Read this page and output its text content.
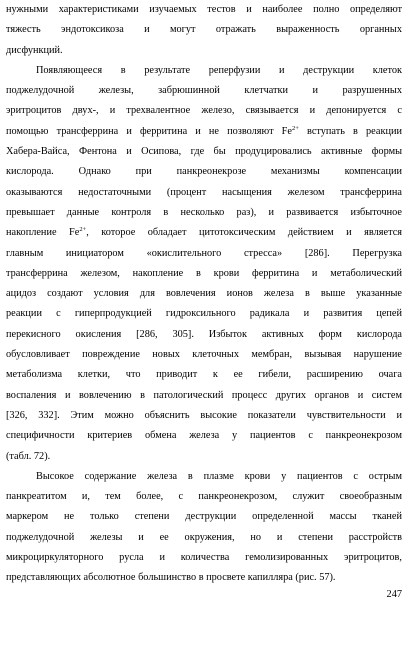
нужными характеристиками изучаемых тестов и наиболее полно определяют
тяжесть эндотоксикоза и могут отражать выраженность органных
дисфункций.
Появляющееся в результате реперфузии и деструкции клеток
поджелудочной железы, забрюшинной клетчатки и разрушенных
эритроцитов двух-, и трехвалентное железо, связывается и депонируется с
помощью трансферрина и ферритина и не позволяют $Fe^{2+}$ вступать в реакции
Хабера-Вайса, Фентона и Осипова, где бы продуцировались активные формы
кислорода. Однако при панкреонекрозе механизмы компенсации
оказываются недостаточными (процент насыщения железом трансферрина
превышает данные контроля в несколько раз), и развивается избыточное
накопление $Fe^{2+}$, которое обладает цитотоксическим действием и является
главным инициатором «окислительного стресса» [286]. Перегрузка
трансферрина железом, накопление в крови ферритина и метаболический
ацидоз создают условия для вовлечения ионов железа в выше указанные
реакции с гиперпродукцией гидроксильного радикала и развития цепей
перекисного окисления [286, 305]. Избыток активных форм кислорода
обусловливает повреждение новых клеточных мембран, вызывая нарушение
метаболизма клетки, что приводит к ее гибели, расширению очага
воспаления и вовлечению в патологический процесс других органов и систем
[326, 332]. Этим можно объяснить высокие показатели чувствительности и
специфичности критериев обмена железа у пациентов с панкреонекрозом
(табл. 72).
Высокое содержание железа в плазме крови у пациентов с острым
панкреатитом и, тем более, с панкреонекрозом, служит своеобразным
маркером не только степени деструкции определенной массы тканей
поджелудочной железы и ее окружения, но и степени расстройств
микроциркуляторного русла и количества гемолизированных эритроцитов,
представляющих абсолютное большинство в просвете капилляра (рис. 57).
247
